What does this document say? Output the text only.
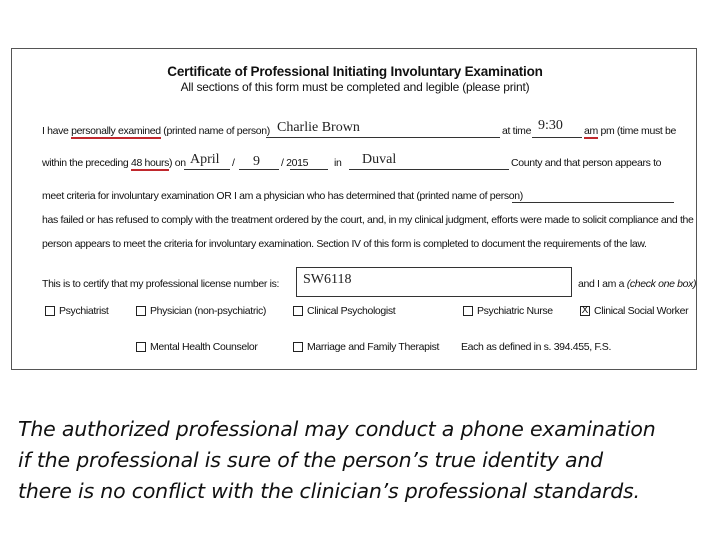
Certificate of Professional Initiating Involuntary Examination
All sections of this form must be completed and legible (please print)
I have personally examined (printed name of person) Charlie Brown	at time 9:30 am pm (time must be
within the preceding 48 hours) on April / 9 / 2015 in Duval	County and that person appears to
meet criteria for involuntary examination OR I am a physician who has determined that (printed name of person)
has failed or has refused to comply with the treatment ordered by the court, and, in my clinical judgment, efforts were made to solicit compliance and the
person appears to meet the criteria for involuntary examination. Section IV of this form is completed to document the requirements of the law.
This is to certify that my professional license number is: SW6118	and I am a (check one box)
Psychiatrist	Physician (non-psychiatric)	Clinical Psychologist	Psychiatric Nurse	X Clinical Social Worker
Mental Health Counselor	Marriage and Family Therapist Each as defined in s. 394.455, F.S.
The authorized professional may conduct a phone examination
if the professional is sure of the person’s true identity and
there is no conflict with the clinician’s professional standards.
